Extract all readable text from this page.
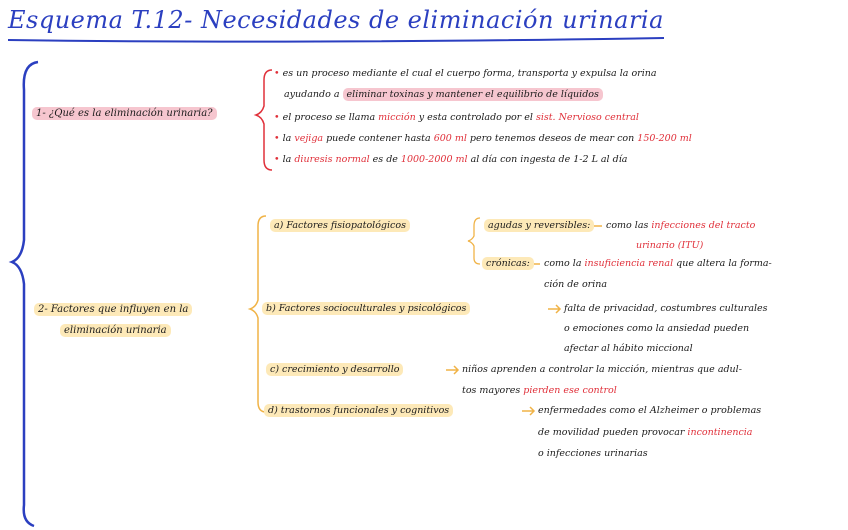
Esquema T.12- Necesidades de eliminación urinaria
1- ¿Qué es la eliminación urinaria?
• es un proceso mediante el cual el cuerpo forma, transporta y expulsa la orina
ayudando a eliminar toxinas y mantener el equilibrio de líquidos
• el proceso se llama micción y esta controlado por el sist. Nervioso central
• la vejiga puede contener hasta 600 ml pero tenemos deseos de mear con 150-200 ml
• la diuresis normal es de 1000-2000 ml al día con ingesta de 1-2 L al día
2- Factores que influyen en la
eliminación urinaria
a) Factores fisiopatológicos	agudas y reversibles:	como las infecciones del tracto
urinario (ITU)
crónicas:	como la insuficiencia renal que altera la forma-
ción de orina
b) Factores socioculturales y psicológicos	falta de privacidad, costumbres culturales
o emociones como la ansiedad pueden
afectar al hábito miccional
c) crecimiento y desarrollo	niños aprenden a controlar la micción, mientras que adul-
tos mayores pierden ese control
d) trastornos funcionales y cognitivos	enfermedades como el Alzheimer o problemas
de movilidad pueden provocar incontinencia
o infecciones urinarias
